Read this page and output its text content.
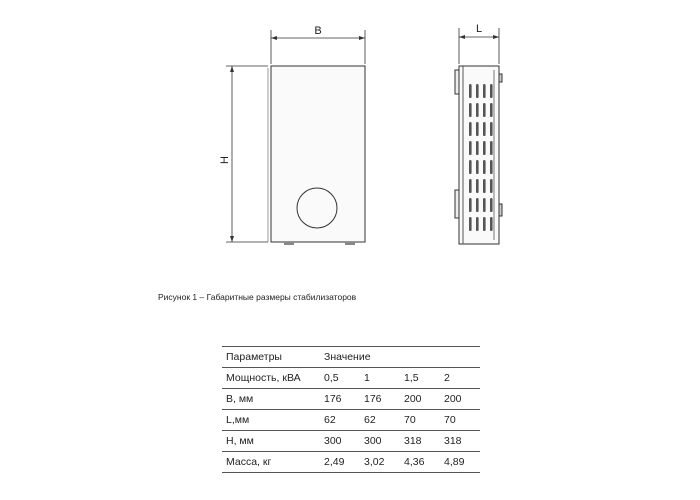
B
H
L
Рисунок 1 – Габаритные размеры стабилизаторов
Параметры	Значение			
Мощность, кВА	0,5	1	1,5	2
B, мм	176	176	200	200
L,мм	62	62	70	70
H, мм	300	300	318	318
Масса, кг	2,49	3,02	4,36	4,89
